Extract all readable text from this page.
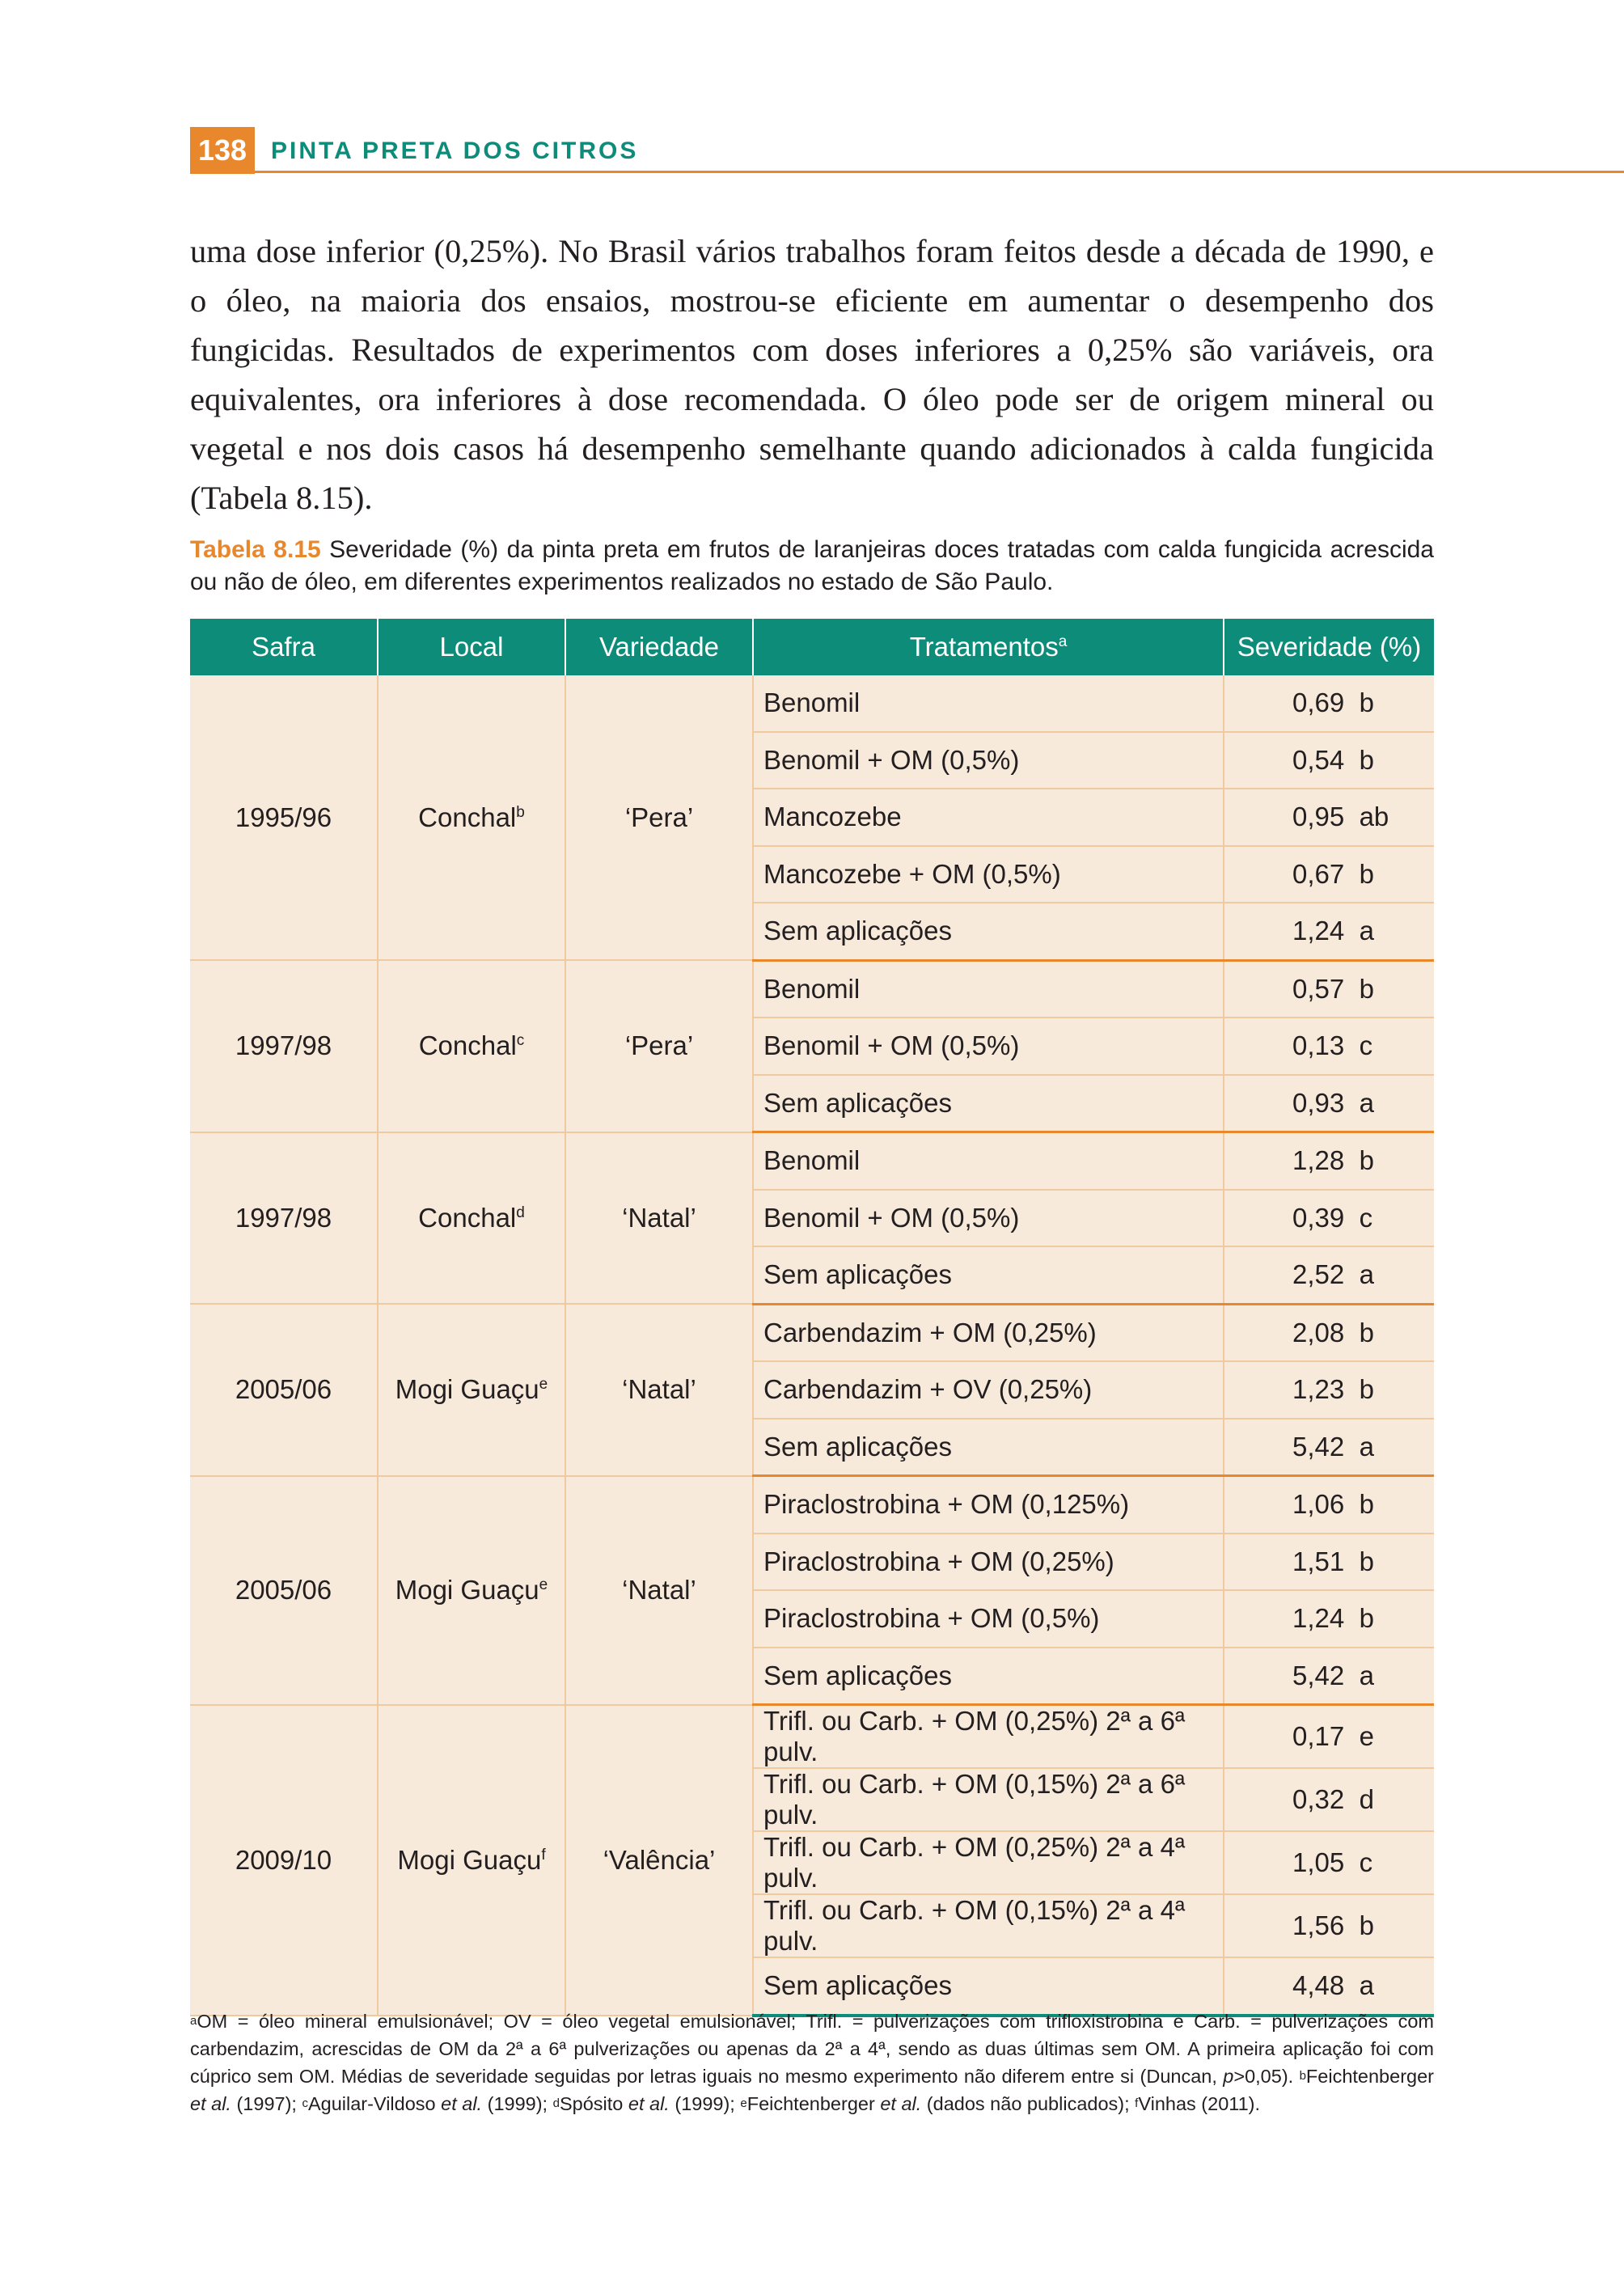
138 PINTA PRETA DOS CITROS

uma dose inferior (0,25%). No Brasil vários trabalhos foram feitos desde a década de 1990, e o óleo, na maioria dos ensaios, mostrou-se eficiente em aumentar o desempenho dos fungicidas. Resultados de experimentos com doses inferiores a 0,25% são variáveis, ora equivalentes, ora inferiores à dose recomendada. O óleo pode ser de origem mineral ou vegetal e nos dois casos há desempenho semelhante quando adicionados à calda fungicida (Tabela 8.15).

Tabela 8.15 Severidade (%) da pinta preta em frutos de laranjeiras doces tratadas com calda fungicida acrescida ou não de óleo, em diferentes experimentos realizados no estado de São Paulo.

Safra	Local	Variedade	Tratamentos$^a$	Severidade (%)
1995/96	Conchal$^b$	‘Pera’	Benomil	0,69 b
			Benomil + OM (0,5%)	0,54 b
			Mancozebe	0,95 ab
			Mancozebe + OM (0,5%)	0,67 b
			Sem aplicações	1,24 a
1997/98	Conchal$^c$	‘Pera’	Benomil	0,57 b
			Benomil + OM (0,5%)	0,13 c
			Sem aplicações	0,93 a
1997/98	Conchal$^d$	‘Natal’	Benomil	1,28 b
			Benomil + OM (0,5%)	0,39 c
			Sem aplicações	2,52 a
2005/06	Mogi Guaçu$^e$	‘Natal’	Carbendazim + OM (0,25%)	2,08 b
			Carbendazim + OV (0,25%)	1,23 b
			Sem aplicações	5,42 a
2005/06	Mogi Guaçu$^e$	‘Natal’	Piraclostrobina + OM (0,125%)	1,06 b
			Piraclostrobina + OM (0,25%)	1,51 b
			Piraclostrobina + OM (0,5%)	1,24 b
			Sem aplicações	5,42 a
2009/10	Mogi Guaçu$^f$	‘Valência’	Trifl. ou Carb. + OM (0,25%) 2ª a 6ª pulv.	0,17 e
			Trifl. ou Carb. + OM (0,15%) 2ª a 6ª pulv.	0,32 d
			Trifl. ou Carb. + OM (0,25%) 2ª a 4ª pulv.	1,05 c
			Trifl. ou Carb. + OM (0,15%) 2ª a 4ª pulv.	1,56 b
			Sem aplicações	4,48 a

$^a$OM = óleo mineral emulsionável; OV = óleo vegetal emulsionável; Trifl. = pulverizações com trifloxistrobina e Carb. = pulverizações com carbendazim, acrescidas de OM da 2ª a 6ª pulverizações ou apenas da 2ª a 4ª, sendo as duas últimas sem OM. A primeira aplicação foi com cúprico sem OM. Médias de severidade seguidas por letras iguais no mesmo experimento não diferem entre si (Duncan, p>0,05). $^b$Feichtenberger et al. (1997); $^c$Aguilar-Vildoso et al. (1999); $^d$Spósito et al. (1999); $^e$Feichtenberger et al. (dados não publicados); $^f$Vinhas (2011).
